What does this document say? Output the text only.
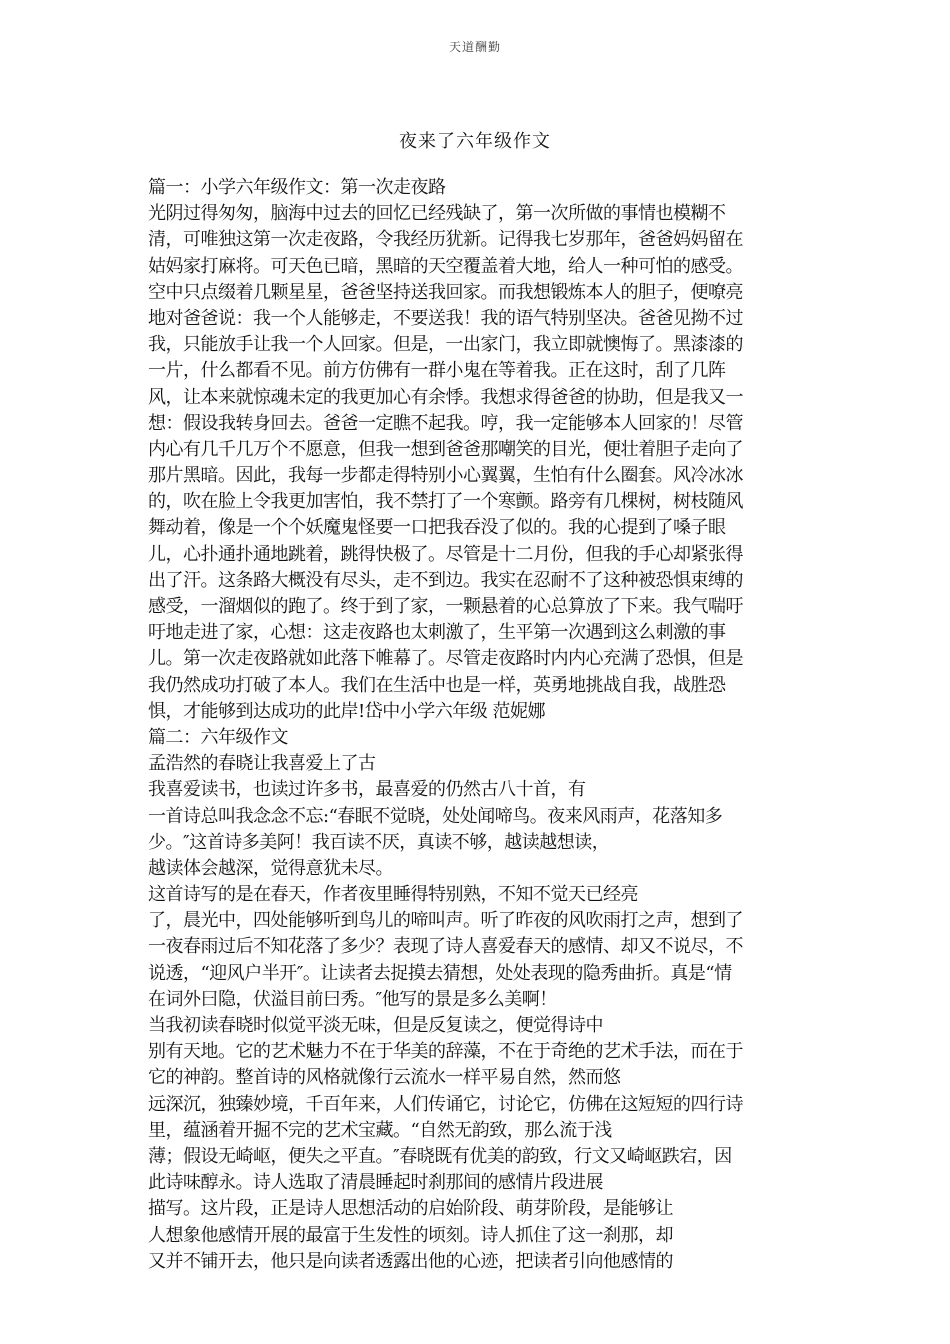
天道酬勤
夜来了六年级作文
篇一：小学六年级作文：第一次走夜路
光阴过得匆匆，脑海中过去的回忆已经残缺了，第一次所做的事情也模糊不
清，可唯独这第一次走夜路，令我经历犹新。记得我七岁那年，爸爸妈妈留在
姑妈家打麻将。可天色已暗，黑暗的天空覆盖着大地，给人一种可怕的感受。
空中只点缀着几颗星星，爸爸坚持送我回家。而我想锻炼本人的胆子，便嘹亮
地对爸爸说：我一个人能够走，不要送我！我的语气特别坚决。爸爸见拗不过
我，只能放手让我一个人回家。但是，一出家门，我立即就懊悔了。黑漆漆的
一片，什么都看不见。前方仿佛有一群小鬼在等着我。正在这时，刮了几阵
风，让本来就惊魂未定的我更加心有余悸。我想求得爸爸的协助，但是我又一
想：假设我转身回去。爸爸一定瞧不起我。哼，我一定能够本人回家的！尽管
内心有几千几万个不愿意，但我一想到爸爸那嘲笑的目光，便壮着胆子走向了
那片黑暗。因此，我每一步都走得特别小心翼翼，生怕有什么圈套。风冷冰冰
的，吹在脸上令我更加害怕，我不禁打了一个寒颤。路旁有几棵树，树枝随风
舞动着，像是一个个妖魔鬼怪要一口把我吞没了似的。我的心提到了嗓子眼
儿，心扑通扑通地跳着，跳得快极了。尽管是十二月份，但我的手心却紧张得
出了汗。这条路大概没有尽头，走不到边。我实在忍耐不了这种被恐惧束缚的
感受，一溜烟似的跑了。终于到了家，一颗悬着的心总算放了下来。我气喘吁
吁地走进了家，心想：这走夜路也太刺激了，生平第一次遇到这么刺激的事
儿。第一次走夜路就如此落下帷幕了。尽管走夜路时内内心充满了恐惧，但是
我仍然成功打破了本人。我们在生活中也是一样，英勇地挑战自我，战胜恐
惧，才能够到达成功的此岸!岱中小学六年级 范妮娜
篇二：六年级作文
孟浩然的春晓让我喜爱上了古
我喜爱读书，也读过许多书，最喜爱的仍然古八十首，有
一首诗总叫我念念不忘:“春眠不觉晓，处处闻啼鸟。夜来风雨声，花落知多
少。″这首诗多美阿！我百读不厌，真读不够，越读越想读，
越读体会越深，觉得意犹未尽。
这首诗写的是在春天，作者夜里睡得特别熟，不知不觉天已经亮
了，晨光中，四处能够听到鸟儿的啼叫声。听了昨夜的风吹雨打之声，想到了
一夜春雨过后不知花落了多少？表现了诗人喜爱春天的感情、却又不说尽，不
说透，“迎风户半开″。让读者去捉摸去猜想，处处表现的隐秀曲折。真是“情
在词外曰隐，伏溢目前曰秀。″他写的景是多么美啊！
当我初读春晓时似觉平淡无味，但是反复读之，便觉得诗中
别有天地。它的艺术魅力不在于华美的辞藻，不在于奇绝的艺术手法，而在于
它的神韵。整首诗的风格就像行云流水一样平易自然，然而悠
远深沉，独臻妙境，千百年来，人们传诵它，讨论它，仿佛在这短短的四行诗
里，蕴涵着开掘不完的艺术宝藏。“自然无韵致，那么流于浅
薄；假设无崎岖，便失之平直。″春晓既有优美的韵致，行文又崎岖跌宕，因
此诗味醇永。诗人选取了清晨睡起时刹那间的感情片段进展
描写。这片段，正是诗人思想活动的启始阶段、萌芽阶段，是能够让
人想象他感情开展的最富于生发性的顷刻。诗人抓住了这一刹那，却
又并不铺开去，他只是向读者透露出他的心迹，把读者引向他感情的
